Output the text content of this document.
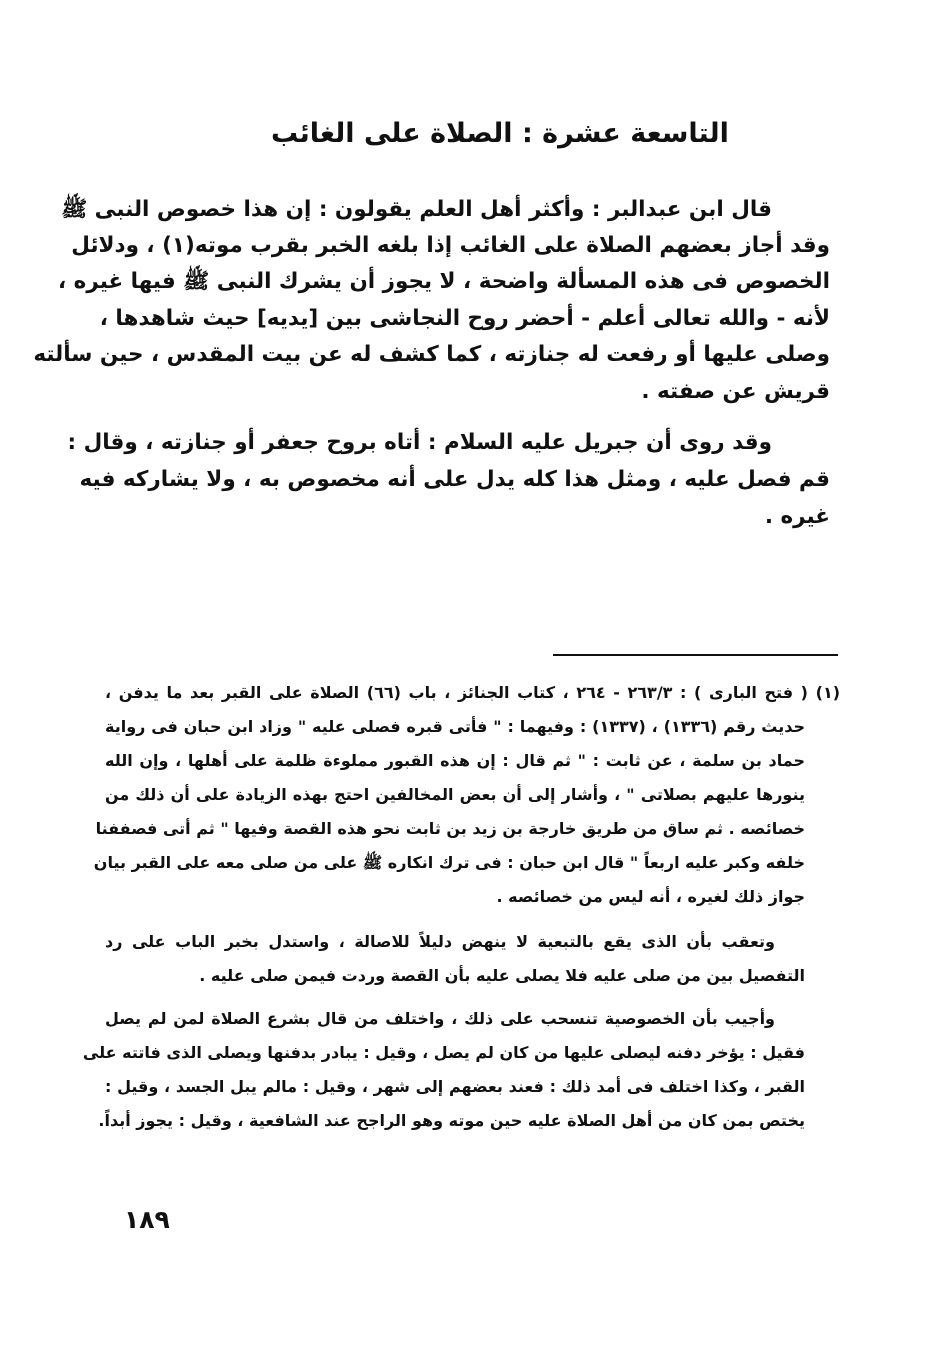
التاسعة عشرة : الصلاة على الغائب
قال ابن عبدالبر : وأكثر أهل العلم يقولون : إن هذا خصوص النبى ﷺ
وقد أجاز بعضهم الصلاة على الغائب إذا بلغه الخبر بقرب موته(١) ، ودلائل
الخصوص فى هذه المسألة واضحة ، لا يجوز أن يشرك النبى ﷺ فيها غيره ،
لأنه - والله تعالى أعلم - أحضر روح النجاشى بين [يديه] حيث شاهدها ،
وصلى عليها أو رفعت له جنازته ، كما كشف له عن بيت المقدس ، حين سألته
قريش عن صفته .
وقد روى أن جبريل عليه السلام : أتاه بروح جعفر أو جنازته ، وقال :
قم فصل عليه ، ومثل هذا كله يدل على أنه مخصوص به ، ولا يشاركه فيه
غيره .
(١) ( فتح البارى ) : ٢٦٣/٣ - ٢٦٤ ، كتاب الجنائز ، باب (٦٦) الصلاة على القبر بعد ما يدفن ،
حديث رقم (١٣٣٦) ، (١٣٣٧) : وفيهما : " فأتى قبره فصلى عليه " وزاد ابن حبان فى رواية
حماد بن سلمة ، عن ثابت : " ثم قال : إن هذه القبور مملوءة ظلمة على أهلها ، وإن الله
ينورها عليهم بصلاتى " ، وأشار إلى أن بعض المخالفين احتج بهذه الزيادة على أن ذلك من
خصائصه . ثم ساق من طريق خارجة بن زيد بن ثابت نحو هذه القصة وفيها " ثم أتى فصففنا
خلفه وكبر عليه اربعاً " قال ابن حبان : فى ترك انكاره ﷺ على من صلى معه على القبر بيان
جواز ذلك لغيره ، أنه ليس من خصائصه .
وتعقب بأن الذى يقع بالتبعية لا ينهض دليلاً للاصالة ، واستدل بخبر الباب على رد
التفصيل بين من صلى عليه فلا يصلى عليه بأن القصة وردت فيمن صلى عليه .
وأجيب بأن الخصوصية تنسحب على ذلك ، واختلف من قال بشرع الصلاة لمن لم يصل
فقيل : يؤخر دفنه ليصلى عليها من كان لم يصل ، وقيل : يبادر بدفنها ويصلى الذى فاتته على
القبر ، وكذا اختلف فى أمد ذلك : فعند بعضهم إلى شهر ، وقيل : مالم يبل الجسد ، وقيل :
يختص بمن كان من أهل الصلاة عليه حين موته وهو الراجح عند الشافعية ، وقيل : يجوز أبداً.
١٨٩
